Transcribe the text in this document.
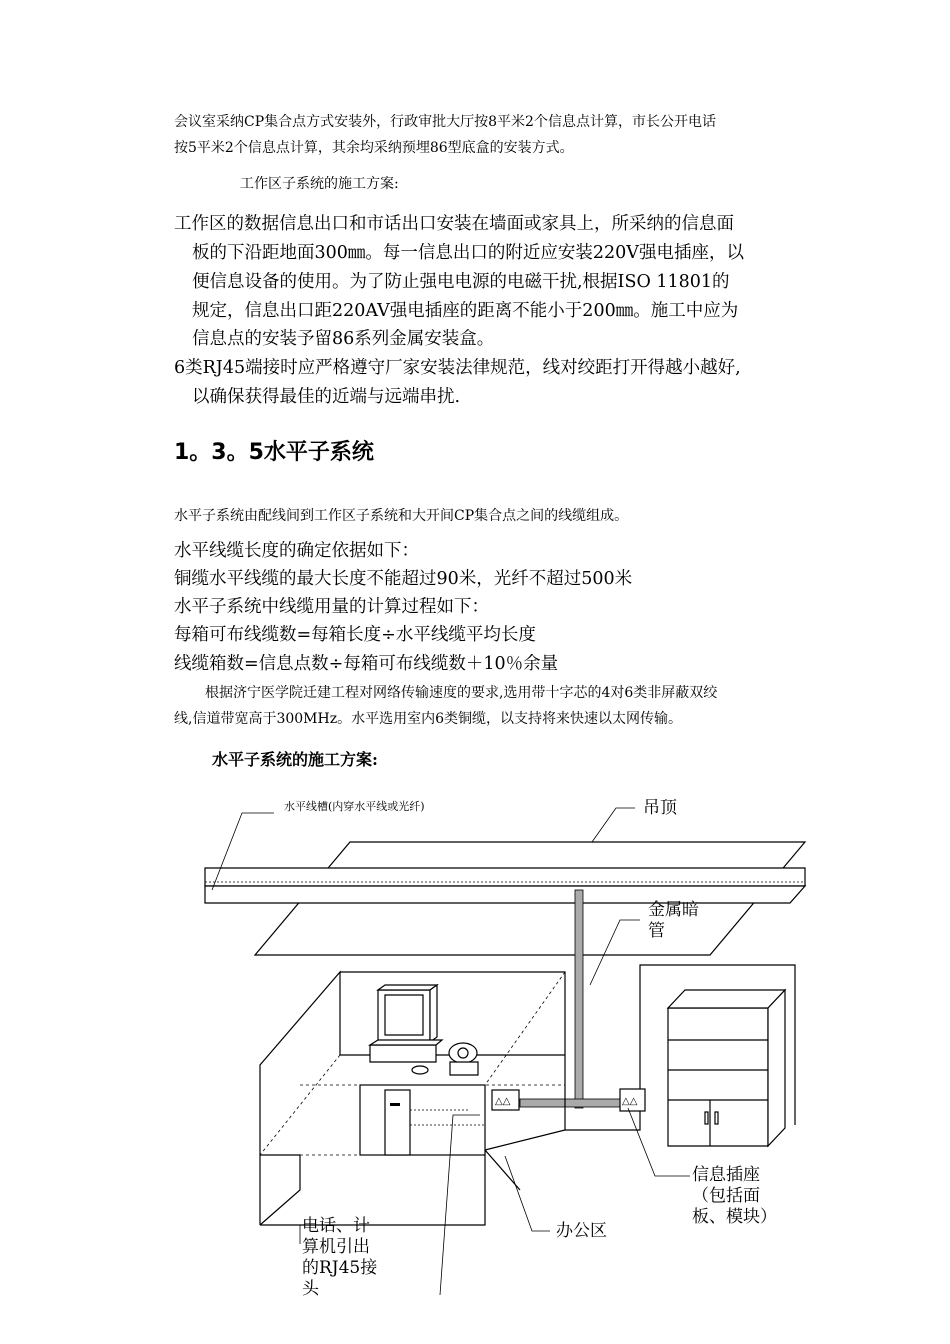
会议室采纳CP集合点方式安装外，行政审批大厅按8平米2个信息点计算，市长公开电话

按5平米2个信息点计算，其余均采纳预埋86型底盒的安装方式。

工作区子系统的施工方案:

工作区的数据信息出口和市话出口安装在墙面或家具上，所采纳的信息面

板的下沿距地面300㎜。每一信息出口的附近应安装220V强电插座，以

便信息设备的使用。为了防止强电电源的电磁干扰,根据ISO 11801的

规定，信息出口距220AV强电插座的距离不能小于200㎜。施工中应为

信息点的安装予留86系列金属安装盒。

6类RJ45端接时应严格遵守厂家安装法律规范，线对绞距打开得越小越好,

以确保获得最佳的近端与远端串扰.

1。3。5水平子系统

水平子系统由配线间到工作区子系统和大开间CP集合点之间的线缆组成。

水平线缆长度的确定依据如下：

铜缆水平线缆的最大长度不能超过90米，光纤不超过500米

水平子系统中线缆用量的计算过程如下：

每箱可布线缆数=每箱长度÷水平线缆平均长度

线缆箱数=信息点数÷每箱可布线缆数＋10％余量

根据济宁医学院迁建工程对网络传输速度的要求,选用带十字芯的4对6类非屏蔽双绞

线,信道带宽高于300MHz。水平选用室内6类铜缆，以支持将来快速以太网传输。

水平子系统的施工方案:

△△	△△
水平线槽(内穿水平线或光纤)	吊顶
金属暗
管
信息插座
（包括面
板、模块）
办公区
电话、计
算机引出
的RJ45接
头
